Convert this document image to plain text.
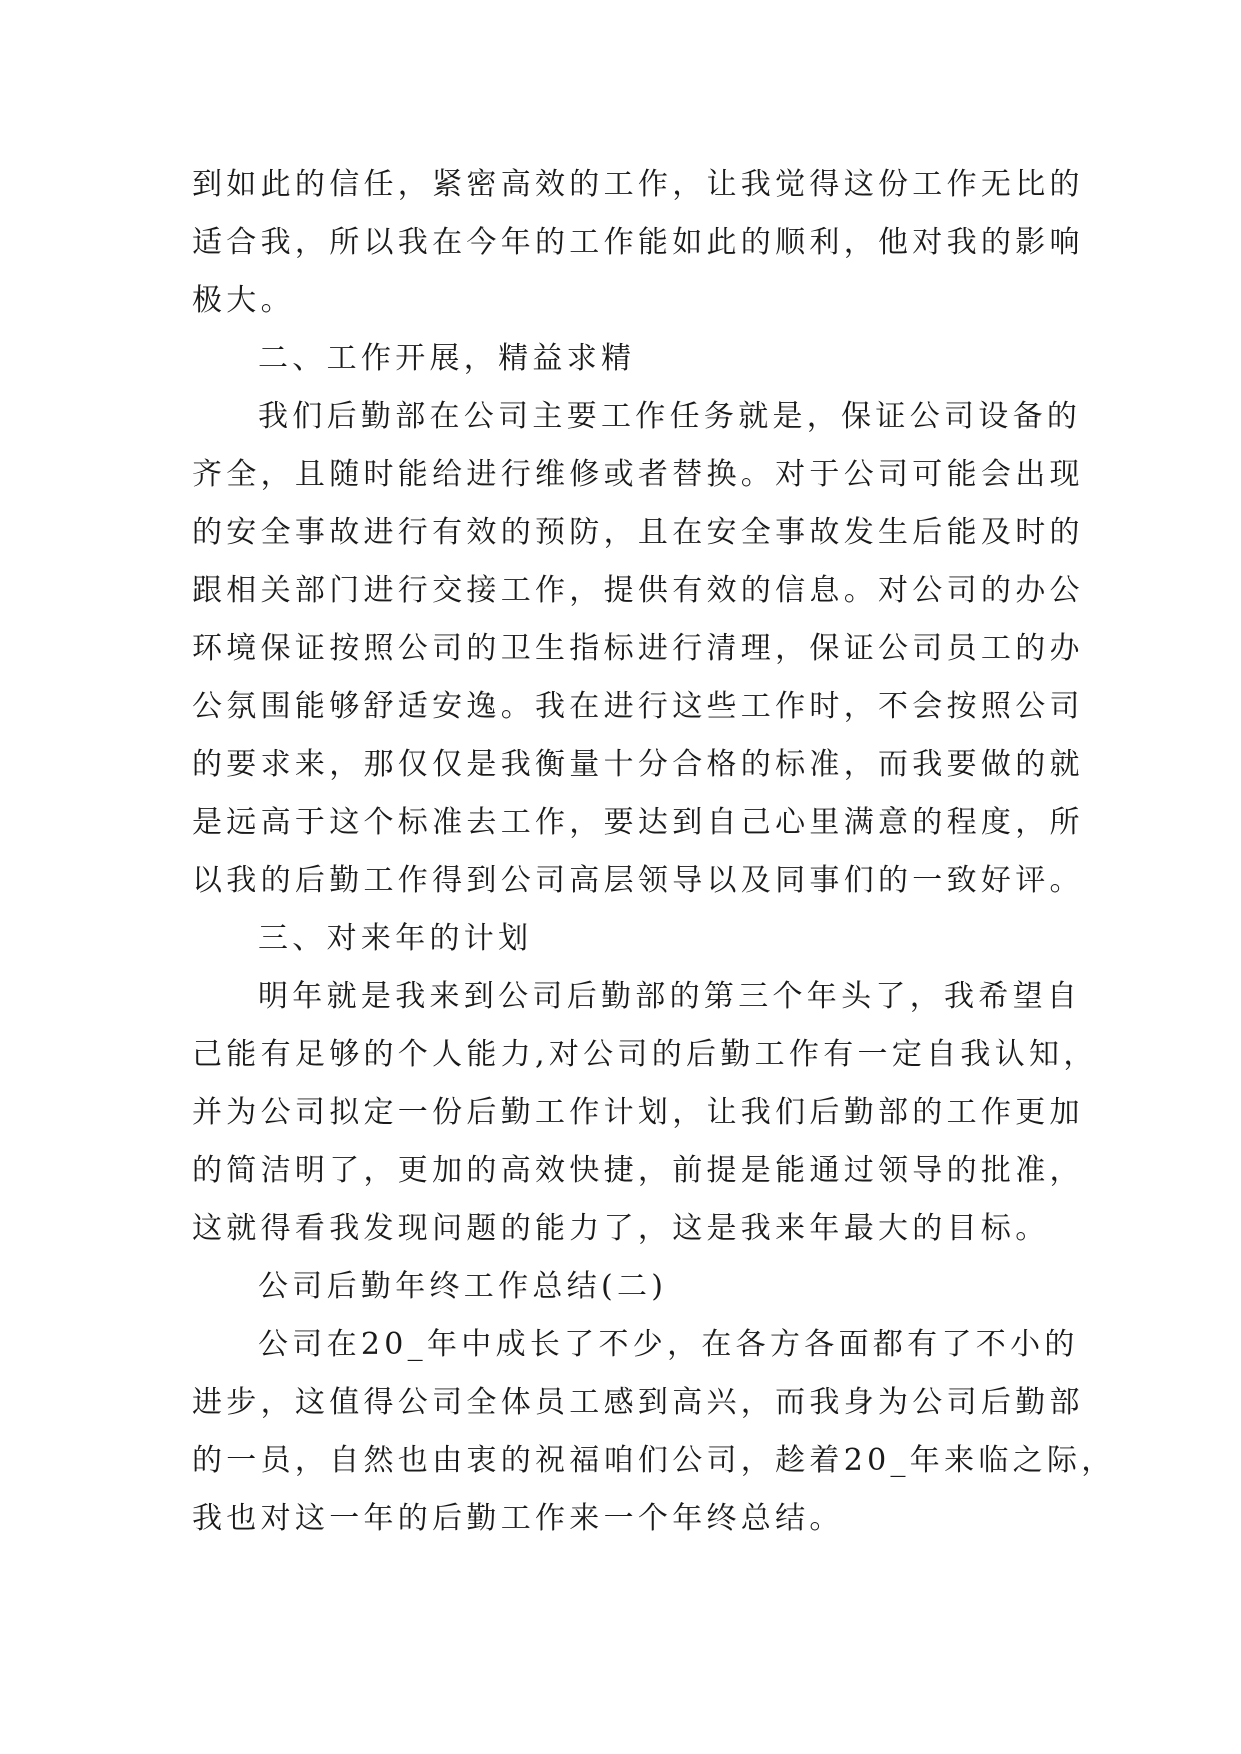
到如此的信任，紧密高效的工作，让我觉得这份工作无比的
适合我，所以我在今年的工作能如此的顺利，他对我的影响
极大。
二、工作开展，精益求精
我们后勤部在公司主要工作任务就是，保证公司设备的
齐全，且随时能给进行维修或者替换。对于公司可能会出现
的安全事故进行有效的预防，且在安全事故发生后能及时的
跟相关部门进行交接工作，提供有效的信息。对公司的办公
环境保证按照公司的卫生指标进行清理，保证公司员工的办
公氛围能够舒适安逸。我在进行这些工作时，不会按照公司
的要求来，那仅仅是我衡量十分合格的标准，而我要做的就
是远高于这个标准去工作，要达到自己心里满意的程度，所
以我的后勤工作得到公司高层领导以及同事们的一致好评。
三、对来年的计划
明年就是我来到公司后勤部的第三个年头了，我希望自
己能有足够的个人能力,对公司的后勤工作有一定自我认知，
并为公司拟定一份后勤工作计划，让我们后勤部的工作更加
的简洁明了，更加的高效快捷，前提是能通过领导的批准，
这就得看我发现问题的能力了，这是我来年最大的目标。
公司后勤年终工作总结(二)
公司在20_年中成长了不少，在各方各面都有了不小的
进步，这值得公司全体员工感到高兴，而我身为公司后勤部
的一员，自然也由衷的祝福咱们公司，趁着20_年来临之际，
我也对这一年的后勤工作来一个年终总结。
